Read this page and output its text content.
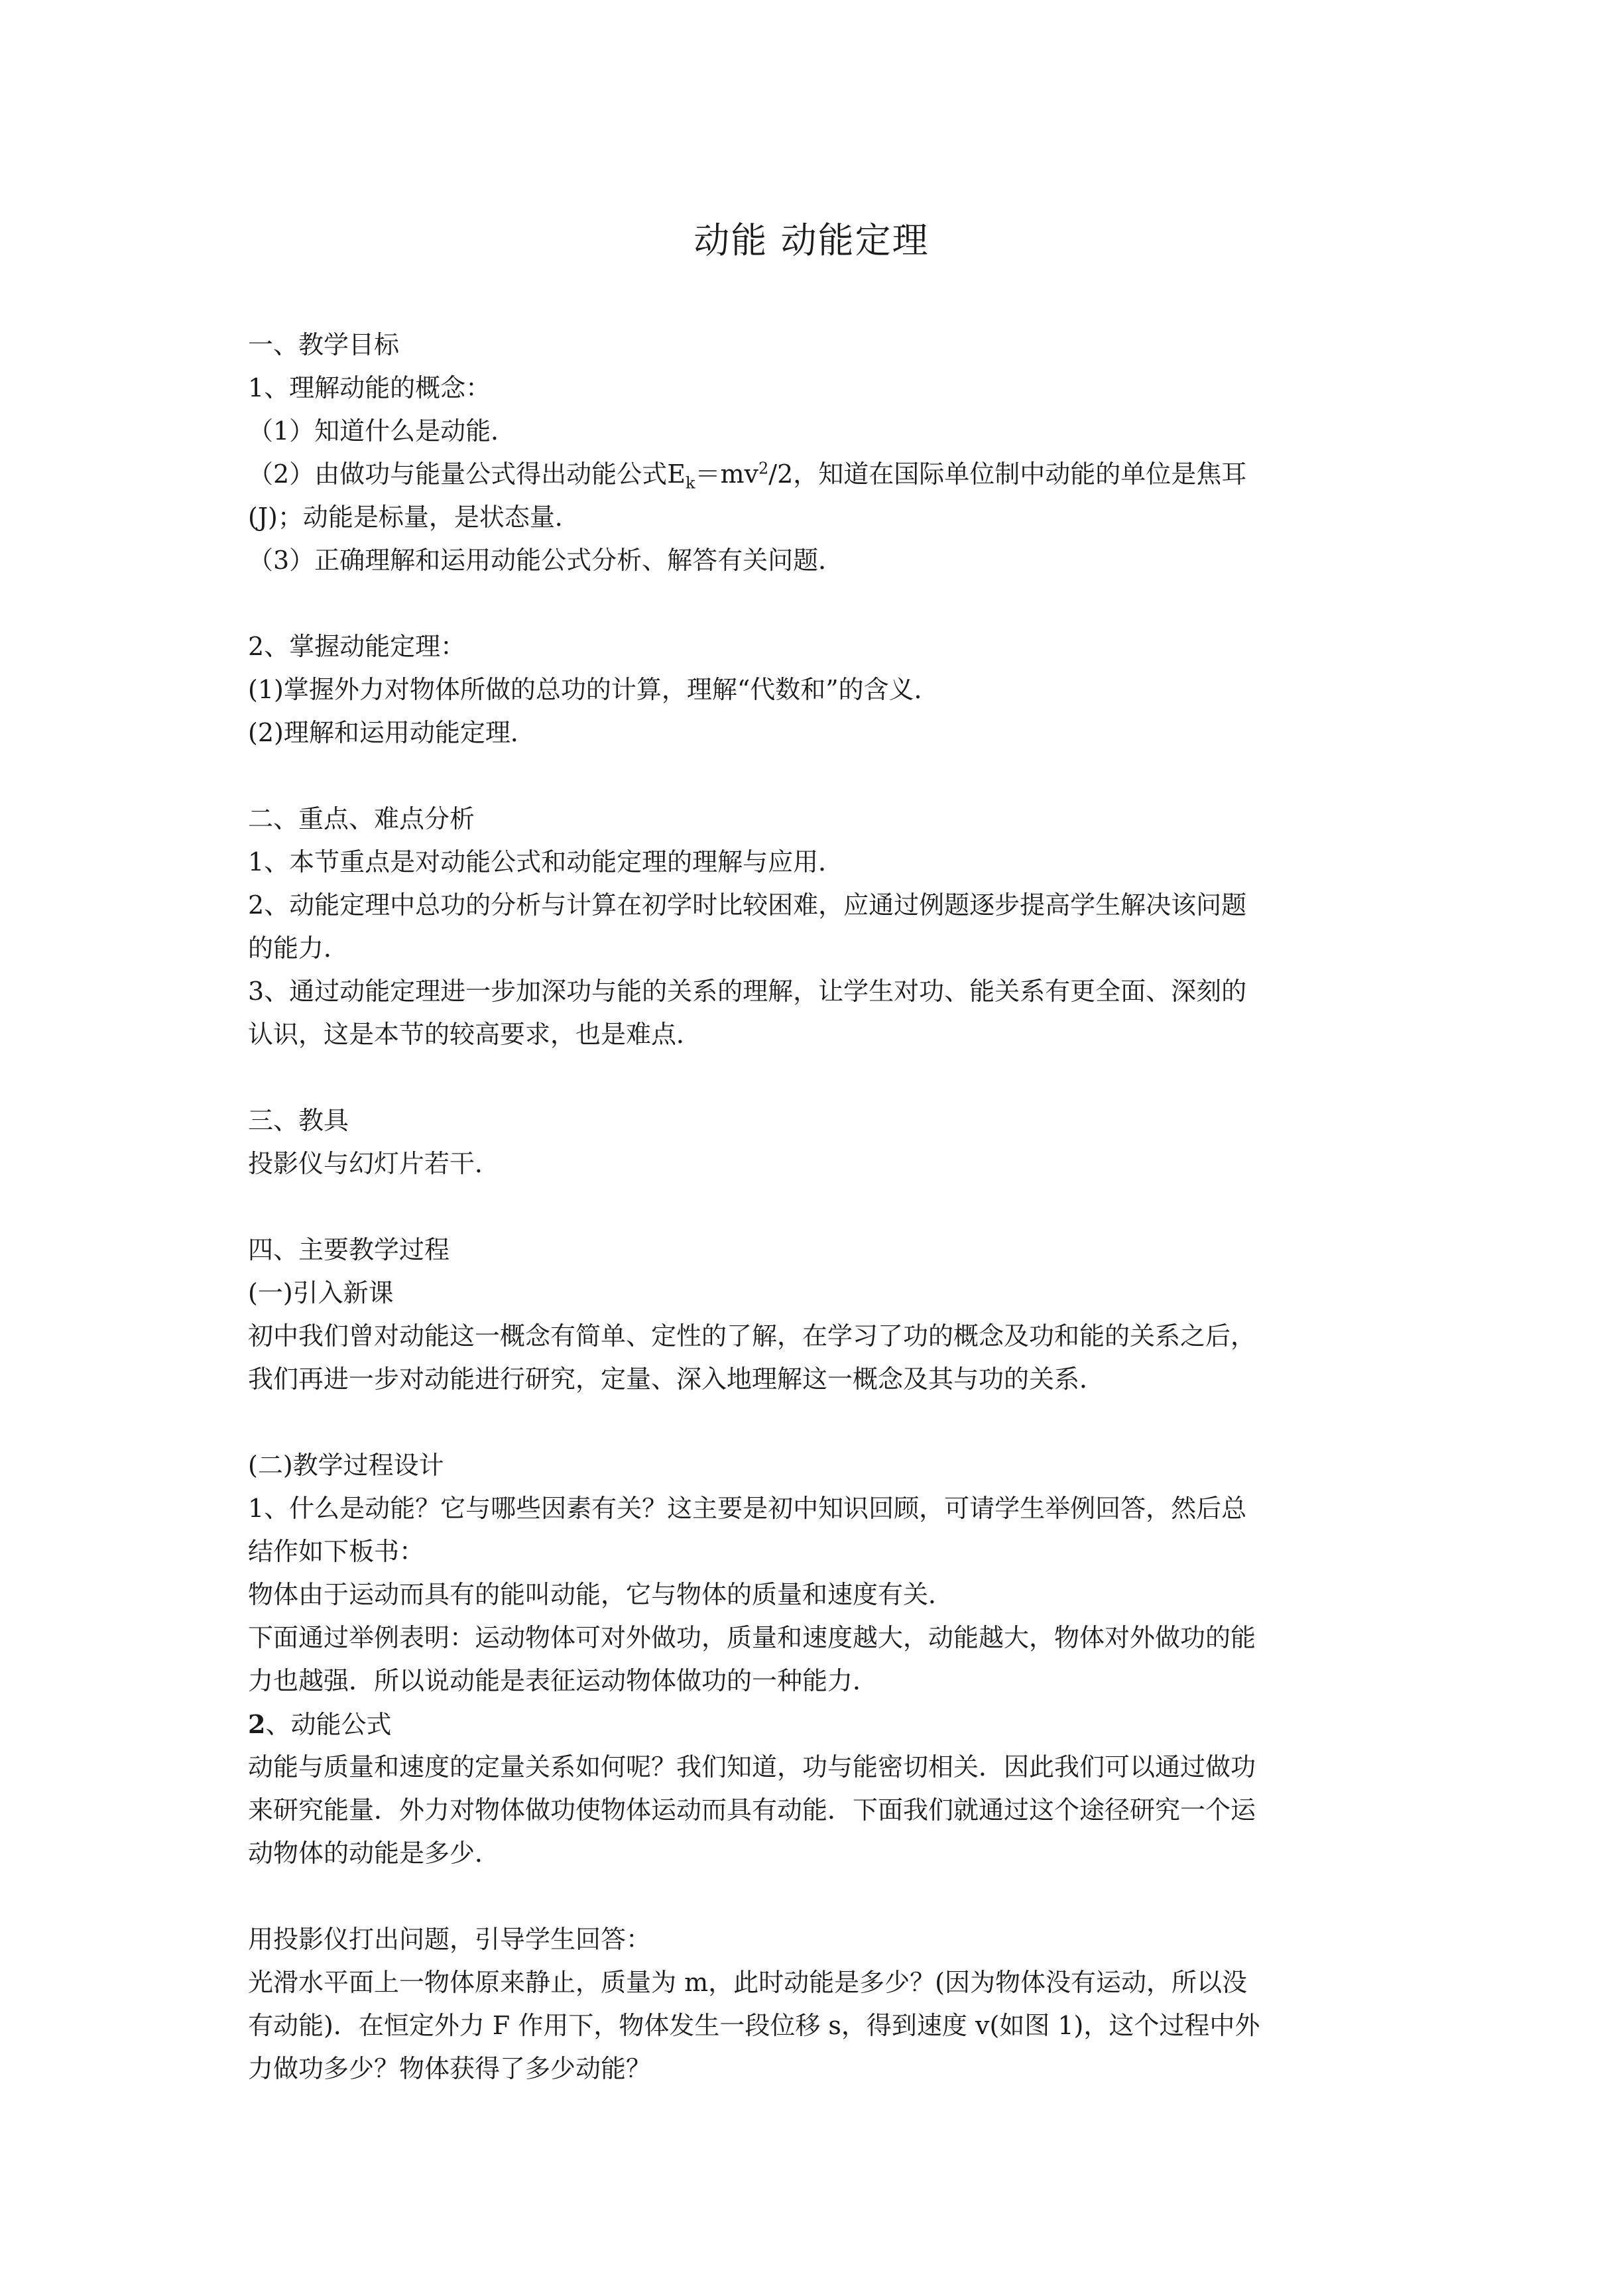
动能 动能定理
一、教学目标
1、理解动能的概念：
（1）知道什么是动能．
（2）由做功与能量公式得出动能公式$E_k=mv^2/2$，知道在国际单位制中动能的单位是焦耳
(J)；动能是标量，是状态量．
（3）正确理解和运用动能公式分析、解答有关问题．
2、掌握动能定理：
(1)掌握外力对物体所做的总功的计算，理解“代数和”的含义．
(2)理解和运用动能定理．
二、重点、难点分析
1、本节重点是对动能公式和动能定理的理解与应用．
2、动能定理中总功的分析与计算在初学时比较困难，应通过例题逐步提高学生解决该问题
的能力．
3、通过动能定理进一步加深功与能的关系的理解，让学生对功、能关系有更全面、深刻的
认识，这是本节的较高要求，也是难点．
三、教具
投影仪与幻灯片若干．
四、主要教学过程
(一)引入新课
初中我们曾对动能这一概念有简单、定性的了解，在学习了功的概念及功和能的关系之后，
我们再进一步对动能进行研究，定量、深入地理解这一概念及其与功的关系．
(二)教学过程设计
1、什么是动能？它与哪些因素有关？这主要是初中知识回顾，可请学生举例回答，然后总
结作如下板书：
物体由于运动而具有的能叫动能，它与物体的质量和速度有关．
下面通过举例表明：运动物体可对外做功，质量和速度越大，动能越大，物体对外做功的能
力也越强．所以说动能是表征运动物体做功的一种能力．
2、动能公式
动能与质量和速度的定量关系如何呢？我们知道，功与能密切相关．因此我们可以通过做功
来研究能量．外力对物体做功使物体运动而具有动能．下面我们就通过这个途径研究一个运
动物体的动能是多少．
用投影仪打出问题，引导学生回答：
光滑水平面上一物体原来静止，质量为 m，此时动能是多少？(因为物体没有运动，所以没
有动能)．在恒定外力 F 作用下，物体发生一段位移 s，得到速度 v(如图 1)，这个过程中外
力做功多少？物体获得了多少动能？
